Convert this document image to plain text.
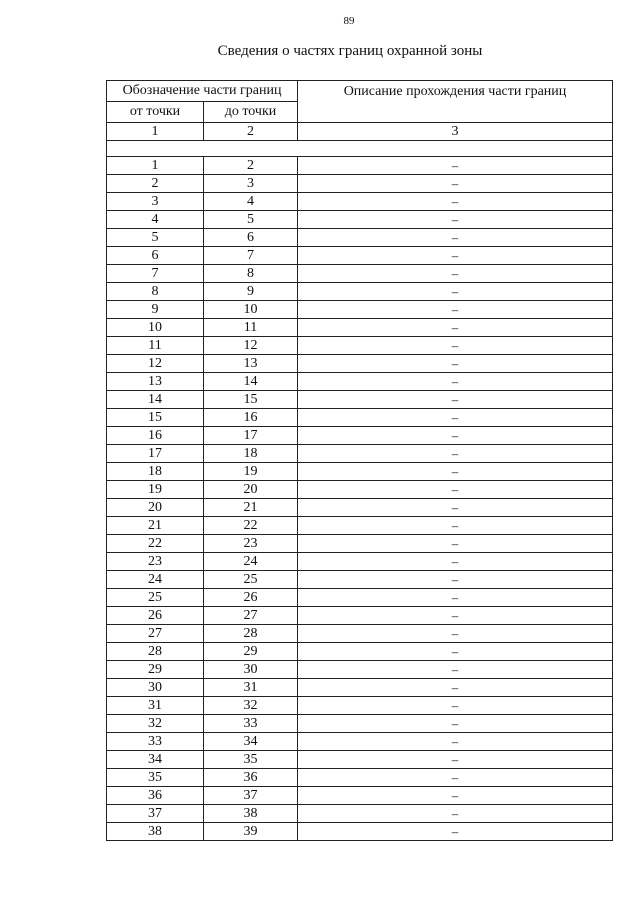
89
Сведения о частях границ охранной зоны
Обозначение части границ		Описание прохождения части границ
от точки	до точки	
1	2	3

1	2	–
2	3	–
3	4	–
4	5	–
5	6	–
6	7	–
7	8	–
8	9	–
9	10	–
10	11	–
11	12	–
12	13	–
13	14	–
14	15	–
15	16	–
16	17	–
17	18	–
18	19	–
19	20	–
20	21	–
21	22	–
22	23	–
23	24	–
24	25	–
25	26	–
26	27	–
27	28	–
28	29	–
29	30	–
30	31	–
31	32	–
32	33	–
33	34	–
34	35	–
35	36	–
36	37	–
37	38	–
38	39	–
